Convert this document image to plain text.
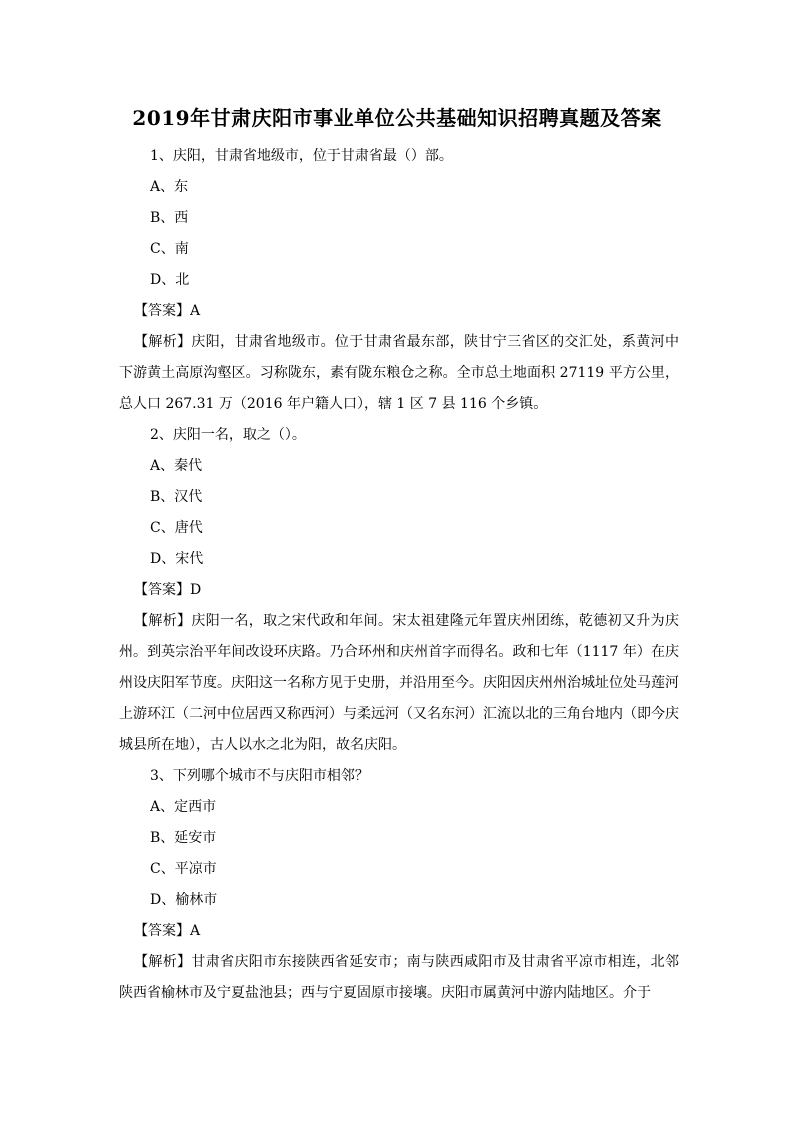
2019年甘肃庆阳市事业单位公共基础知识招聘真题及答案
1、庆阳，甘肃省地级市，位于甘肃省最（）部。
A、东
B、西
C、南
D、北
【答案】A

【解析】庆阳，甘肃省地级市。位于甘肃省最东部，陕甘宁三省区的交汇处，系黄河中下游黄土高原沟壑区。习称陇东，素有陇东粮仓之称。全市总土地面积 27119 平方公里，总人口 267.31 万（2016 年户籍人口），辖 1 区 7 县 116 个乡镇。

2、庆阳一名，取之（）。
A、秦代
B、汉代
C、唐代
D、宋代
【答案】D

【解析】庆阳一名，取之宋代政和年间。宋太祖建隆元年置庆州团练，乾德初又升为庆州。到英宗治平年间改设环庆路。乃合环州和庆州首字而得名。政和七年（1117 年）在庆州设庆阳军节度。庆阳这一名称方见于史册，并沿用至今。庆阳因庆州州治城址位处马莲河上游环江（二河中位居西又称西河）与柔远河（又名东河）汇流以北的三角台地内（即今庆城县所在地），古人以水之北为阳，故名庆阳。

3、下列哪个城市不与庆阳市相邻？
A、定西市
B、延安市
C、平凉市
D、榆林市
【答案】A

【解析】甘肃省庆阳市东接陕西省延安市；南与陕西咸阳市及甘肃省平凉市相连，北邻陕西省榆林市及宁夏盐池县；西与宁夏固原市接壤。庆阳市属黄河中游内陆地区。介于
